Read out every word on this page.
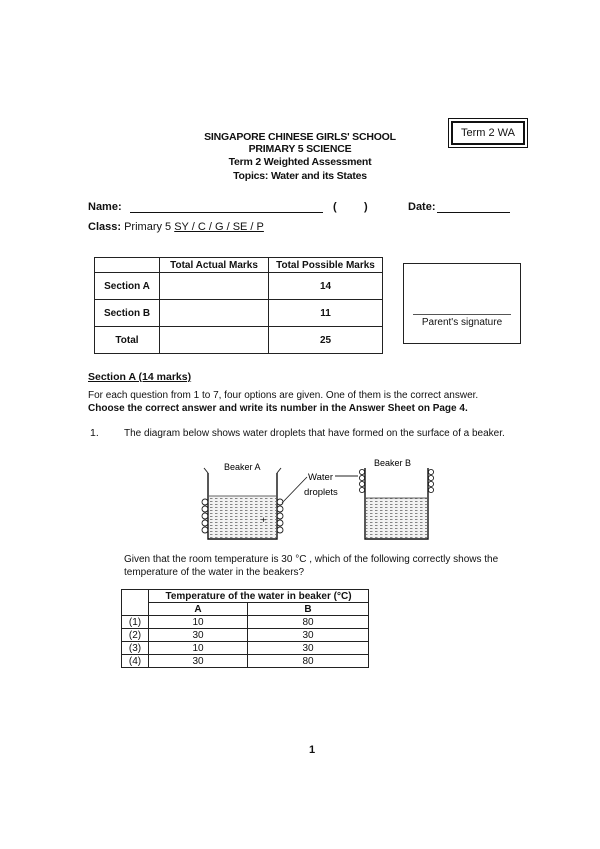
Term 2 WA
SINGAPORE CHINESE GIRLS' SCHOOL
PRIMARY 5 SCIENCE
Term 2 Weighted Assessment
Topics: Water and its States
Name:	( )	Date:
Class: Primary 5 SY / C / G / SE / P
	Total Actual Marks	Total Possible Marks
Section A		14
Section B		11
Total		25
Parent's signature
Section A (14 marks)
For each question from 1 to 7, four options are given. One of them is the correct answer.
Choose the correct answer and write its number in the Answer Sheet on Page 4.
1.	The diagram below shows water droplets that have formed on the surface of a beaker.
Beaker A
+
Water
droplets
Beaker B
Given that the room temperature is 30 °C , which of the following correctly shows the temperature of the water in the beakers?
	Temperature of the water in beaker (°C)	
	A	B
(1)	10	80
(2)	30	30
(3)	10	30
(4)	30	80
1
